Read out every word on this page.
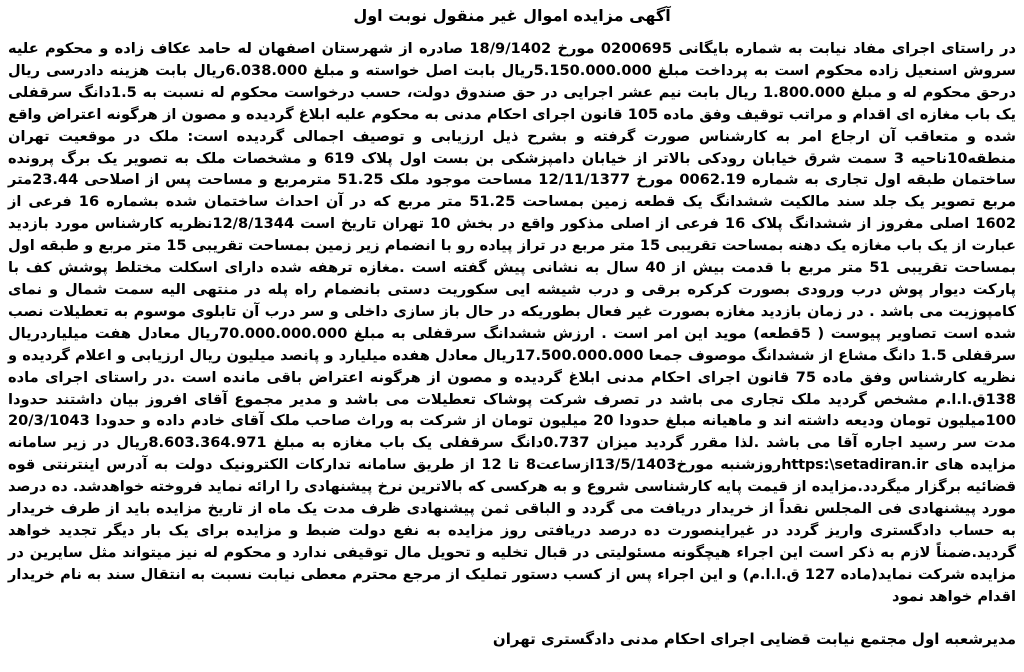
آگهی مزایده اموال غیر منقول نوبت اول

در راستای اجرای مفاد نیابت به شماره بایگانی 0200695 مورخ 18/9/1402 صادره از شهرستان اصفهان له حامد عکاف زاده و محکوم علیه سروش اسنعیل زاده محکوم است به پرداخت مبلغ 5.150.000.000ریال بابت اصل خواسته و مبلغ 6.038.000ریال بابت هزینه دادرسی ریال درحق محکوم له و مبلغ 1.800.000 ریال بابت نیم عشر اجرایی در حق صندوق دولت، حسب درخواست محکوم له نسبت به 1.5دانگ سرقفلی یک باب مغازه ای اقدام و مراتب توقیف وفق ماده 105 قانون اجرای احکام مدنی به محکوم علیه ابلاغ گردیده و مصون از هرگونه اعتراض واقع شده و متعاقب آن ارجاع امر به کارشناس صورت گرفته و بشرح ذیل ارزیابی و توصیف اجمالی گردیده است: ملک در موقعیت تهران منطقه10ناحیه 3 سمت شرق خیابان رودکی بالاتر از خیابان دامپزشکی بن بست اول پلاک 619 و مشخصات ملک به تصویر یک برگ پرونده ساختمان طبقه اول تجاری به شماره 0062.19 مورخ 12/11/1377 مساحت موجود ملک 51.25 مترمربع و مساحت پس از اصلاحی 23.44متر مربع تصویر یک جلد سند مالکیت ششدانگ یک قطعه زمین بمساحت 51.25 متر مربع که در آن احداث ساختمان شده بشماره 16 فرعی از 1602 اصلی مفروز از ششدانگ پلاک 16 فرعی از اصلی مذکور واقع در بخش 10 تهران تاریخ است 12/8/1344نظریه کارشناس مورد بازدید عبارت از یک باب مغازه یک دهنه بمساحت تقریبی 15 متر مربع در تراز پیاده رو با انضمام زیر زمین بمساحت تقریبی 15 متر مربع و طبقه اول بمساحت تقریبی 51 متر مربع با قدمت بیش از 40 سال به نشانی پیش گفته است .مغازه ترهفه شده دارای اسکلت مختلط پوشش کف با پارکت دیوار پوش درب ورودی بصورت کرکره برقی و درب شیشه ایی سکوریت دستی بانضمام راه پله در منتهی الیه سمت شمال و نمای کامپوزیت می باشد . در زمان بازدید مغازه بصورت غیر فعال بطوریکه در حال باز سازی داخلی و سر درب آن تابلوی موسوم به تعطیلات نصب شده است تصاویر پیوست ( 5قطعه) موید این امر است . ارزش ششدانگ سرقفلی به مبلغ 70.000.000.000ریال معادل هفت میلیاردریال سرقفلی 1.5 دانگ مشاع از ششدانگ موصوف جمعا 17.500.000.000ریال معادل هفده میلیارد و پانصد میلیون ریال ارزیابی و اعلام گردیده و نظریه کارشناس وفق ماده 75 قانون اجرای احکام مدنی ابلاغ گردیده و مصون از هرگونه اعتراض باقی مانده است .در راستای اجرای ماده 138ق.ا.ا.م مشخص گردید ملک تجاری می باشد در تصرف شرکت پوشاک تعطیلات می باشد و مدیر مجموع آقای افروز بیان داشتند حدودا 100میلیون تومان ودیعه داشته اند و ماهیانه مبلغ حدودا 20 میلیون تومان از شرکت به وراث صاحب ملک آقای خادم داده و حدودا 20/3/1043 مدت سر رسید اجاره آقا می باشد .لذا مقرر گردید میزان 0.737دانگ سرقفلی یک باب مغازه به مبلغ 8.603.364.971ریال در زیر سامانه مزایده های https:\setadiran.irروزشنبه مورخ13/5/1403ازساعت8 تا 12 از طریق سامانه تدارکات الکترونیک دولت به آدرس اینترنتی قوه قضائیه برگزار میگردد.مزایده از قیمت پایه کارشناسی شروع و به هرکسی که بالاترین نرخ پیشنهادی را ارائه نماید فروخته خواهدشد. ده درصد مورد پیشنهادی فی المجلس نقداً از خریدار دریافت می گردد و الباقی ثمن پیشنهادی ظرف مدت یک ماه از تاریخ مزایده باید از طرف خریدار به حساب دادگستری واریز گردد در غیراینصورت ده درصد دریافتی روز مزایده به نفع دولت ضبط و مزایده برای یک بار دیگر تجدید خواهد گردید.ضمناً لازم به ذکر است این اجراء هیچگونه مسئولیتی در قبال تخلیه و تحویل مال توقیفی ندارد و محکوم له نیز میتواند مثل سایرین در مزایده شرکت نماید(ماده 127 ق.ا.ا.م) و این اجراء پس از کسب دستور تملیک از مرجع محترم معطی نیابت نسبت به انتقال سند به نام خریدار اقدام خواهد نمود

مدیرشعبه اول مجتمع نیابت قضایی اجرای احکام مدنی دادگستری تهران
